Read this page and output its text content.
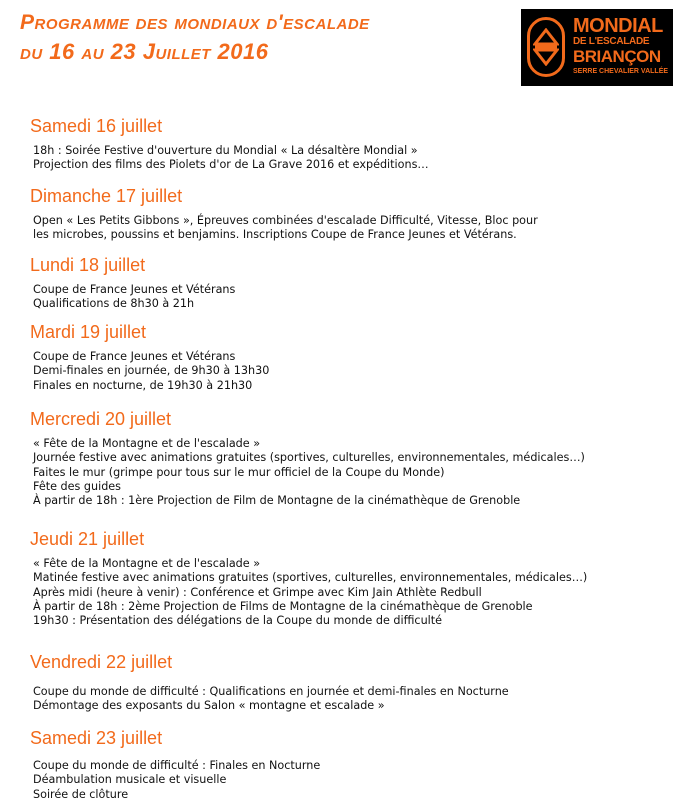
Programme des mondiaux d'escalade
du 16 au 23 Juillet 2016
MONDIAL
DE L'ESCALADE
BRIANÇON
SERRE CHEVALIER VALLÉE
Samedi 16 juillet
18h : Soirée Festive d'ouverture du Mondial « La désaltère Mondial »
Projection des films des Piolets d'or de La Grave 2016 et expéditions…
Dimanche 17 juillet
Open « Les Petits Gibbons », Épreuves combinées d'escalade Difficulté, Vitesse, Bloc pour
les microbes, poussins et benjamins. Inscriptions Coupe de France Jeunes et Vétérans.
Lundi 18 juillet
Coupe de France Jeunes et Vétérans
Qualifications de 8h30 à 21h
Mardi 19 juillet
Coupe de France Jeunes et Vétérans
Demi-finales en journée, de 9h30 à 13h30
Finales en nocturne, de 19h30 à 21h30
Mercredi 20 juillet
« Fête de la Montagne et de l'escalade »
Journée festive avec animations gratuites (sportives, culturelles, environnementales, médicales…)
Faites le mur (grimpe pour tous sur le mur officiel de la Coupe du Monde)
Fête des guides
À partir de 18h : 1ère Projection de Film de Montagne de la cinémathèque de Grenoble
Jeudi 21 juillet
« Fête de la Montagne et de l'escalade »
Matinée festive avec animations gratuites (sportives, culturelles, environnementales, médicales…)
Après midi (heure à venir) : Conférence et Grimpe avec Kim Jain Athlète Redbull
À partir de 18h : 2ème Projection de Films de Montagne de la cinémathèque de Grenoble
19h30 : Présentation des délégations de la Coupe du monde de difficulté
Vendredi 22 juillet
Coupe du monde de difficulté : Qualifications en journée et demi-finales en Nocturne
Démontage des exposants du Salon « montagne et escalade »
Samedi 23 juillet
Coupe du monde de difficulté : Finales en Nocturne
Déambulation musicale et visuelle
Soirée de clôture
